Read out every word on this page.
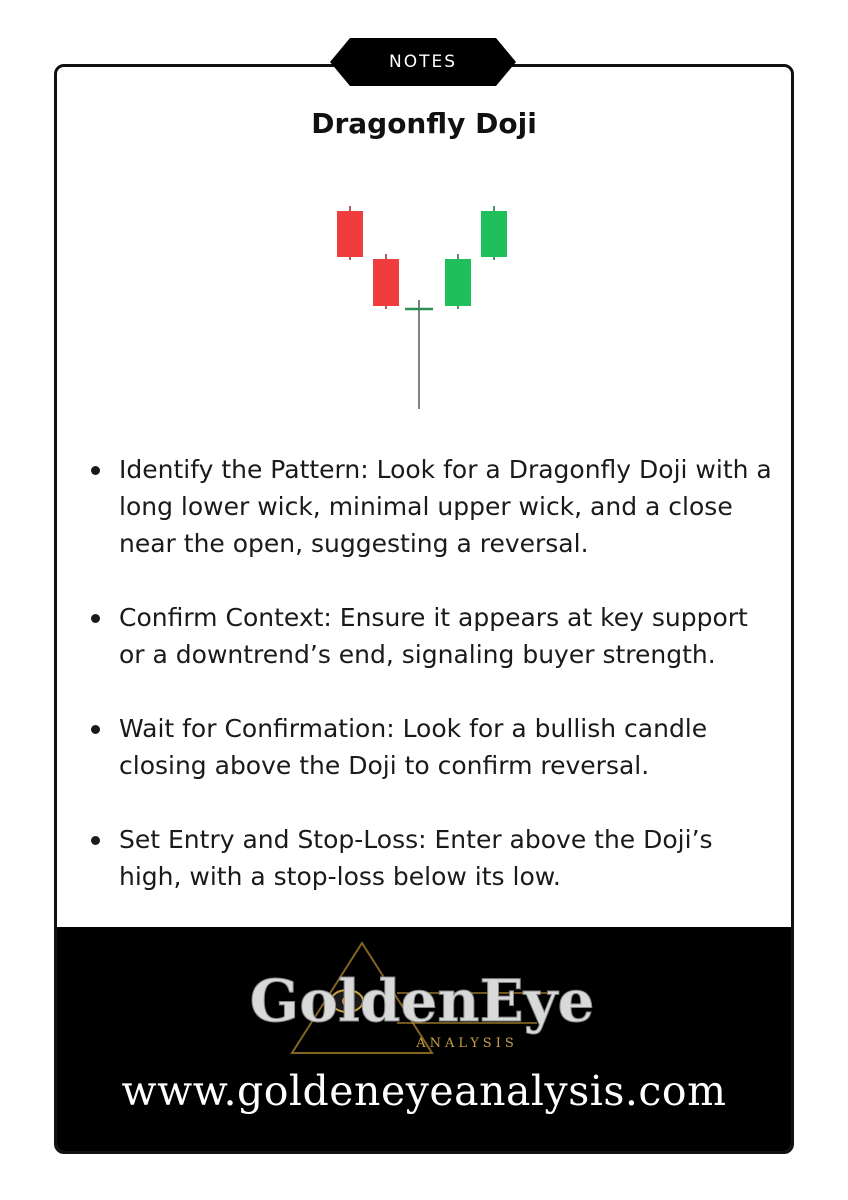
NOTES
Dragonfly Doji
Identify the Pattern: Look for a Dragonfly Doji with a long lower wick, minimal upper wick, and a close near the open, suggesting a reversal.
Confirm Context: Ensure it appears at key support or a downtrend’s end, signaling buyer strength.
Wait for Confirmation: Look for a bullish candle closing above the Doji to confirm reversal.
Set Entry and Stop-Loss: Enter above the Doji’s high, with a stop-loss below its low.
GoldenEye
ANALYSIS
www.goldeneyeanalysis.com
